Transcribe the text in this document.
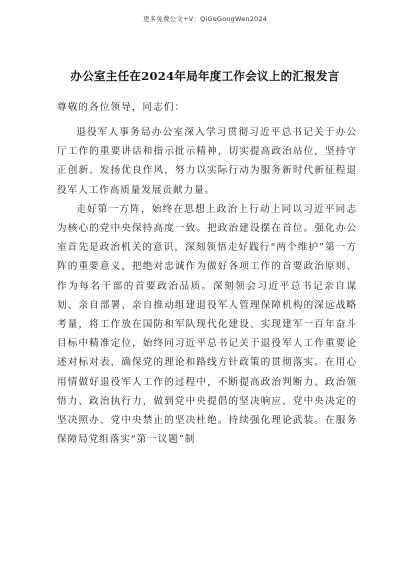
更多免费公文+V：QiGeGongWen2024
办公室主任在2024年局年度工作会议上的汇报发言
尊敬的各位领导，同志们：

退役军人事务局办公室深入学习贯彻习近平总书记关于办公厅工作的重要讲话和指示批示精神，切实提高政治站位，坚持守正创新、发扬优良作风，努力以实际行动为服务新时代新征程退役军人工作高质量发展贡献力量。

走好第一方阵，始终在思想上政治上行动上同以习近平同志为核心的党中央保持高度一致。把政治建设摆在首位。强化办公室首先是政治机关的意识，深刻领悟走好践行“两个维护”第一方阵的重要意义，把绝对忠诚作为做好各项工作的首要政治原则、作为每名干部的首要政治品质。深刻领会习近平总书记亲自谋划、亲自部署、亲自推动组建退役军人管理保障机构的深远战略考量，将工作放在国防和军队现代化建设、实现建军一百年奋斗目标中精准定位，始终同习近平总书记关于退役军人工作重要论述对标对表，确保党的理论和路线方针政策的贯彻落实。在用心用情做好退役军人工作的过程中，不断提高政治判断力、政治领悟力、政治执行力，做到党中央提倡的坚决响应、党中央决定的坚决照办、党中央禁止的坚决杜绝。持续强化理论武装。在服务保障局党组落实“第一议题”制
